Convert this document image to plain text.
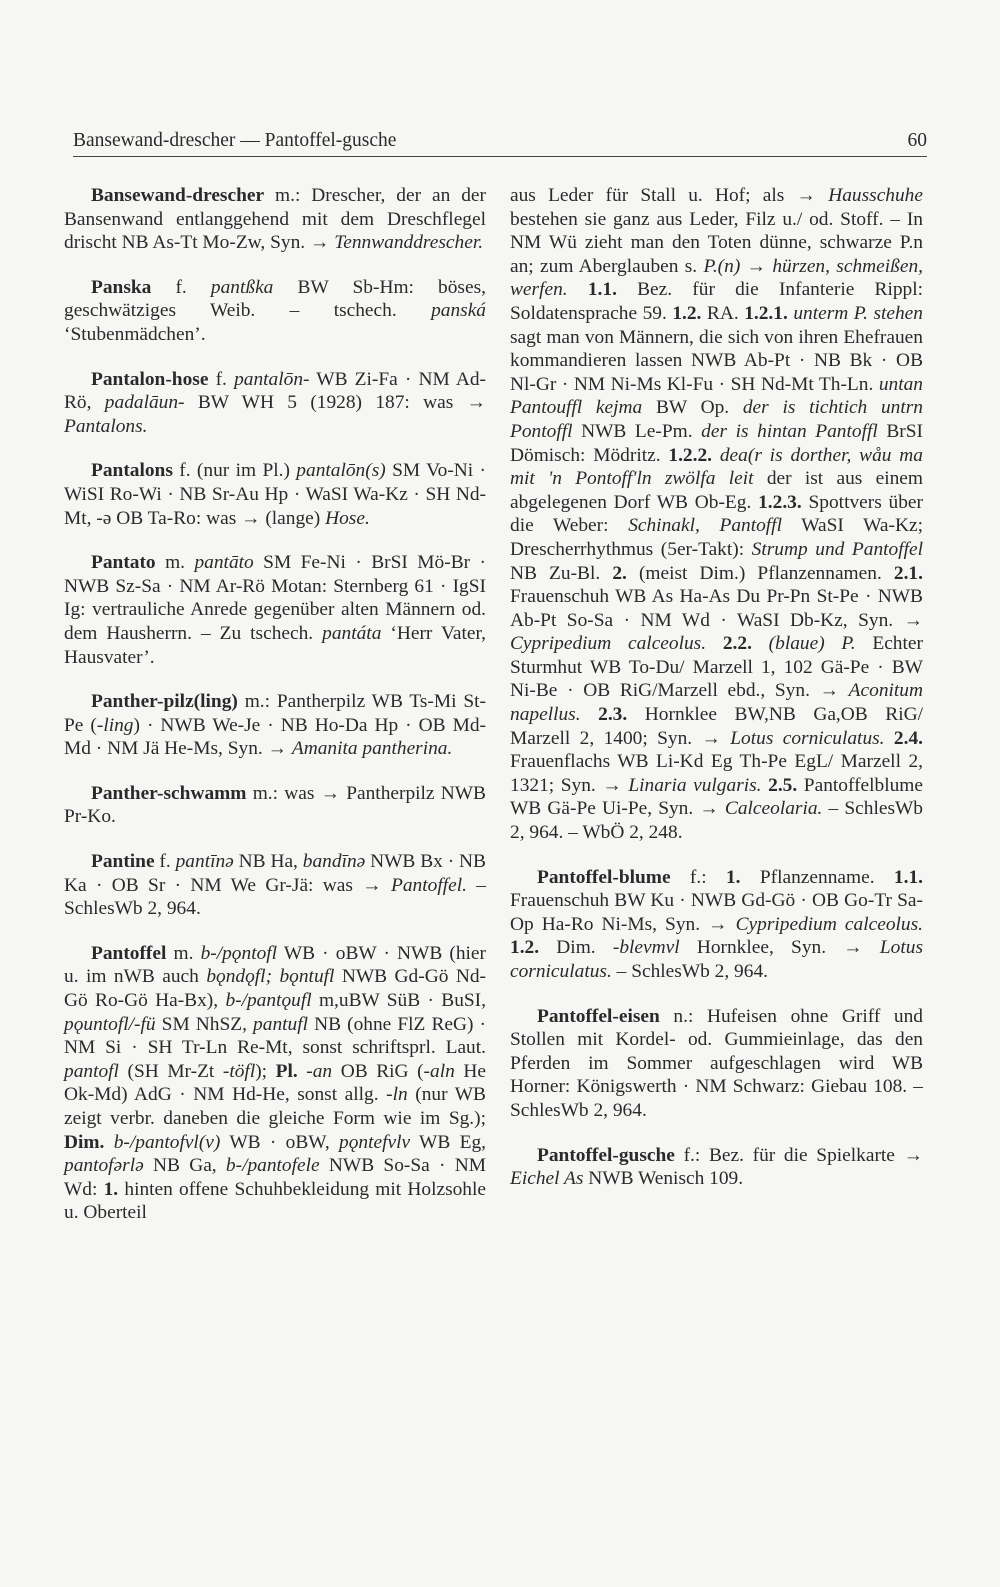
Bansewand-drescher — Pantoffel-gusche	60

Bansewand-drescher m.: Drescher, der an der Bansenwand entlanggehend mit dem Dreschflegel drischt NB As-Tt Mo-Zw, Syn. → Tennwanddrescher.

Panska f. pantßka BW Sb-Hm: böses, geschwätziges Weib. – tschech. panská ‘Stubenmädchen’.

Pantalon-hose f. pantalōn- WB Zi-Fa · NM Ad-Rö, padalāun- BW WH 5 (1928) 187: was → Pantalons.

Pantalons f. (nur im Pl.) pantalōn(s) SM Vo-Ni · WiSI Ro-Wi · NB Sr-Au Hp · WaSI Wa-Kz · SH Nd-Mt, -ə OB Ta-Ro: was → (lange) Hose.

Pantato m. pantāto SM Fe-Ni · BrSI Mö-Br · NWB Sz-Sa · NM Ar-Rö Motan: Sternberg 61 · IgSI Ig: vertrauliche Anrede gegenüber alten Männern od. dem Hausherrn. – Zu tschech. pantáta ‘Herr Vater, Hausvater’.

Panther-pilz(ling) m.: Pantherpilz WB Ts-Mi St-Pe (-ling) · NWB We-Je · NB Ho-Da Hp · OB Md-Md · NM Jä He-Ms, Syn. → Amanita pantherina.

Panther-schwamm m.: was → Pantherpilz NWB Pr-Ko.

Pantine f. pantīnə NB Ha, bandīnə NWB Bx · NB Ka · OB Sr · NM We Gr-Jä: was → Pantoffel. – SchlesWb 2, 964.

Pantoffel m. b-/pǫntofl WB · oBW · NWB (hier u. im nWB auch bǫndǫfl; bǫntufl NWB Gd-Gö Nd-Gö Ro-Gö Ha-Bx), b-/pantǫufl m,uBW SüB · BuSI, pǫuntofl/-fü SM NhSZ, pantufl NB (ohne FlZ ReG) · NM Si · SH Tr-Ln Re-Mt, sonst schriftsprl. Laut. pantofl (SH Mr-Zt -töfl); Pl. -an OB RiG (-aln He Ok-Md) AdG · NM Hd-He, sonst allg. -ln (nur WB zeigt verbr. daneben die gleiche Form wie im Sg.); Dim. b-/pantofvl(v) WB · oBW, pǫntefvlv WB Eg, pantofərlə NB Ga, b-/pantofele NWB So-Sa · NM Wd: 1. hinten offene Schuhbekleidung mit Holzsohle u. Oberteil

aus Leder für Stall u. Hof; als → Hausschuhe bestehen sie ganz aus Leder, Filz u./ od. Stoff. – In NM Wü zieht man den Toten dünne, schwarze P.n an; zum Aberglauben s. P.(n) → hürzen, schmeißen, werfen. 1.1. Bez. für die Infanterie Rippl: Soldatensprache 59. 1.2. RA. 1.2.1. unterm P. stehen sagt man von Männern, die sich von ihren Ehefrauen kommandieren lassen NWB Ab-Pt · NB Bk · OB Nl-Gr · NM Ni-Ms Kl-Fu · SH Nd-Mt Th-Ln. untan Pantouffl kejma BW Op. der is tichtich untrn Pontoffl NWB Le-Pm. der is hintan Pantoffl BrSI Dömisch: Mödritz. 1.2.2. dea(r is dorther, wåu ma mit 'n Pontoff'ln zwölfa leit der ist aus einem abgelegenen Dorf WB Ob-Eg. 1.2.3. Spottvers über die Weber: Schinakl, Pantoffl WaSI Wa-Kz; Drescherrhythmus (5er-Takt): Strump und Pantoffel NB Zu-Bl. 2. (meist Dim.) Pflanzennamen. 2.1. Frauenschuh WB As Ha-As Du Pr-Pn St-Pe · NWB Ab-Pt So-Sa · NM Wd · WaSI Db-Kz, Syn. → Cypripedium calceolus. 2.2. (blaue) P. Echter Sturmhut WB To-Du/ Marzell 1, 102 Gä-Pe · BW Ni-Be · OB RiG/Marzell ebd., Syn. → Aconitum napellus. 2.3. Hornklee BW,NB Ga,OB RiG/ Marzell 2, 1400; Syn. → Lotus corniculatus. 2.4. Frauenflachs WB Li-Kd Eg Th-Pe EgL/ Marzell 2, 1321; Syn. → Linaria vulgaris. 2.5. Pantoffelblume WB Gä-Pe Ui-Pe, Syn. → Calceolaria. – SchlesWb 2, 964. – WbÖ 2, 248.

Pantoffel-blume f.: 1. Pflanzenname. 1.1. Frauenschuh BW Ku · NWB Gd-Gö · OB Go-Tr Sa-Op Ha-Ro Ni-Ms, Syn. → Cypripedium calceolus. 1.2. Dim. -blevmvl Hornklee, Syn. → Lotus corniculatus. – SchlesWb 2, 964.

Pantoffel-eisen n.: Hufeisen ohne Griff und Stollen mit Kordel- od. Gummieinlage, das den Pferden im Sommer aufgeschlagen wird WB Horner: Königswerth · NM Schwarz: Giebau 108. – SchlesWb 2, 964.

Pantoffel-gusche f.: Bez. für die Spielkarte → Eichel As NWB Wenisch 109.
